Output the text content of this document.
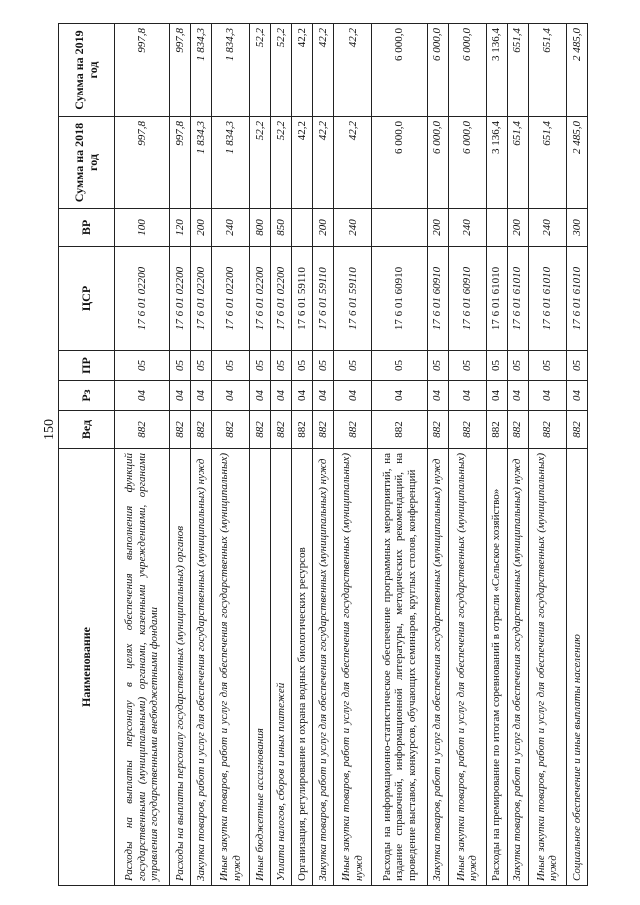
150
Наименование	Вед	Рз	ПР	ЦСР	ВР	Сумма на 2018 год	Сумма на 2019 год
Расходы на выплаты персоналу в целях обеспечения выполнения функций государственными (муниципальными) органами, казенными учреждениями, органами управления государственными внебюджетными фондами	882	04	05	17 6 01 02200	100	997,8	997,8
Расходы на выплаты персоналу государственных (муниципальных) органов	882	04	05	17 6 01 02200	120	997,8	997,8
Закупка товаров, работ и услуг для обеспечения государственных (муниципальных) нужд	882	04	05	17 6 01 02200	200	1 834,3	1 834,3
Иные закупки товаров, работ и услуг для обеспечения государственных (муниципальных) нужд	882	04	05	17 6 01 02200	240	1 834,3	1 834,3
Иные бюджетные ассигнования	882	04	05	17 6 01 02200	800	52,2	52,2
Уплата налогов, сборов и иных платежей	882	04	05	17 6 01 02200	850	52,2	52,2
Организация, регулирование и охрана водных биологических ресурсов	882	04	05	17 6 01 59110		42,2	42,2
Закупка товаров, работ и услуг для обеспечения государственных (муниципальных) нужд	882	04	05	17 6 01 59110	200	42,2	42,2
Иные закупки товаров, работ и услуг для обеспечения государственных (муниципальных) нужд	882	04	05	17 6 01 59110	240	42,2	42,2
Расходы на информационно-статистическое обеспечение программных мероприятий, на издание справочной, информационной литературы, методических рекомендаций, на проведение выставок, конкурсов, обучающих семинаров, круглых столов, конференций	882	04	05	17 6 01 60910		6 000,0	6 000,0
Закупка товаров, работ и услуг для обеспечения государственных (муниципальных) нужд	882	04	05	17 6 01 60910	200	6 000,0	6 000,0
Иные закупки товаров, работ и услуг для обеспечения государственных (муниципальных) нужд	882	04	05	17 6 01 60910	240	6 000,0	6 000,0
Расходы на премирование по итогам соревнований в отрасли «Сельское хозяйство»	882	04	05	17 6 01 61010		3 136,4	3 136,4
Закупка товаров, работ и услуг для обеспечения государственных (муниципальных) нужд	882	04	05	17 6 01 61010	200	651,4	651,4
Иные закупки товаров, работ и услуг для обеспечения государственных (муниципальных) нужд	882	04	05	17 6 01 61010	240	651,4	651,4
Социальное обеспечение и иные выплаты населению	882	04	05	17 6 01 61010	300	2 485,0	2 485,0
